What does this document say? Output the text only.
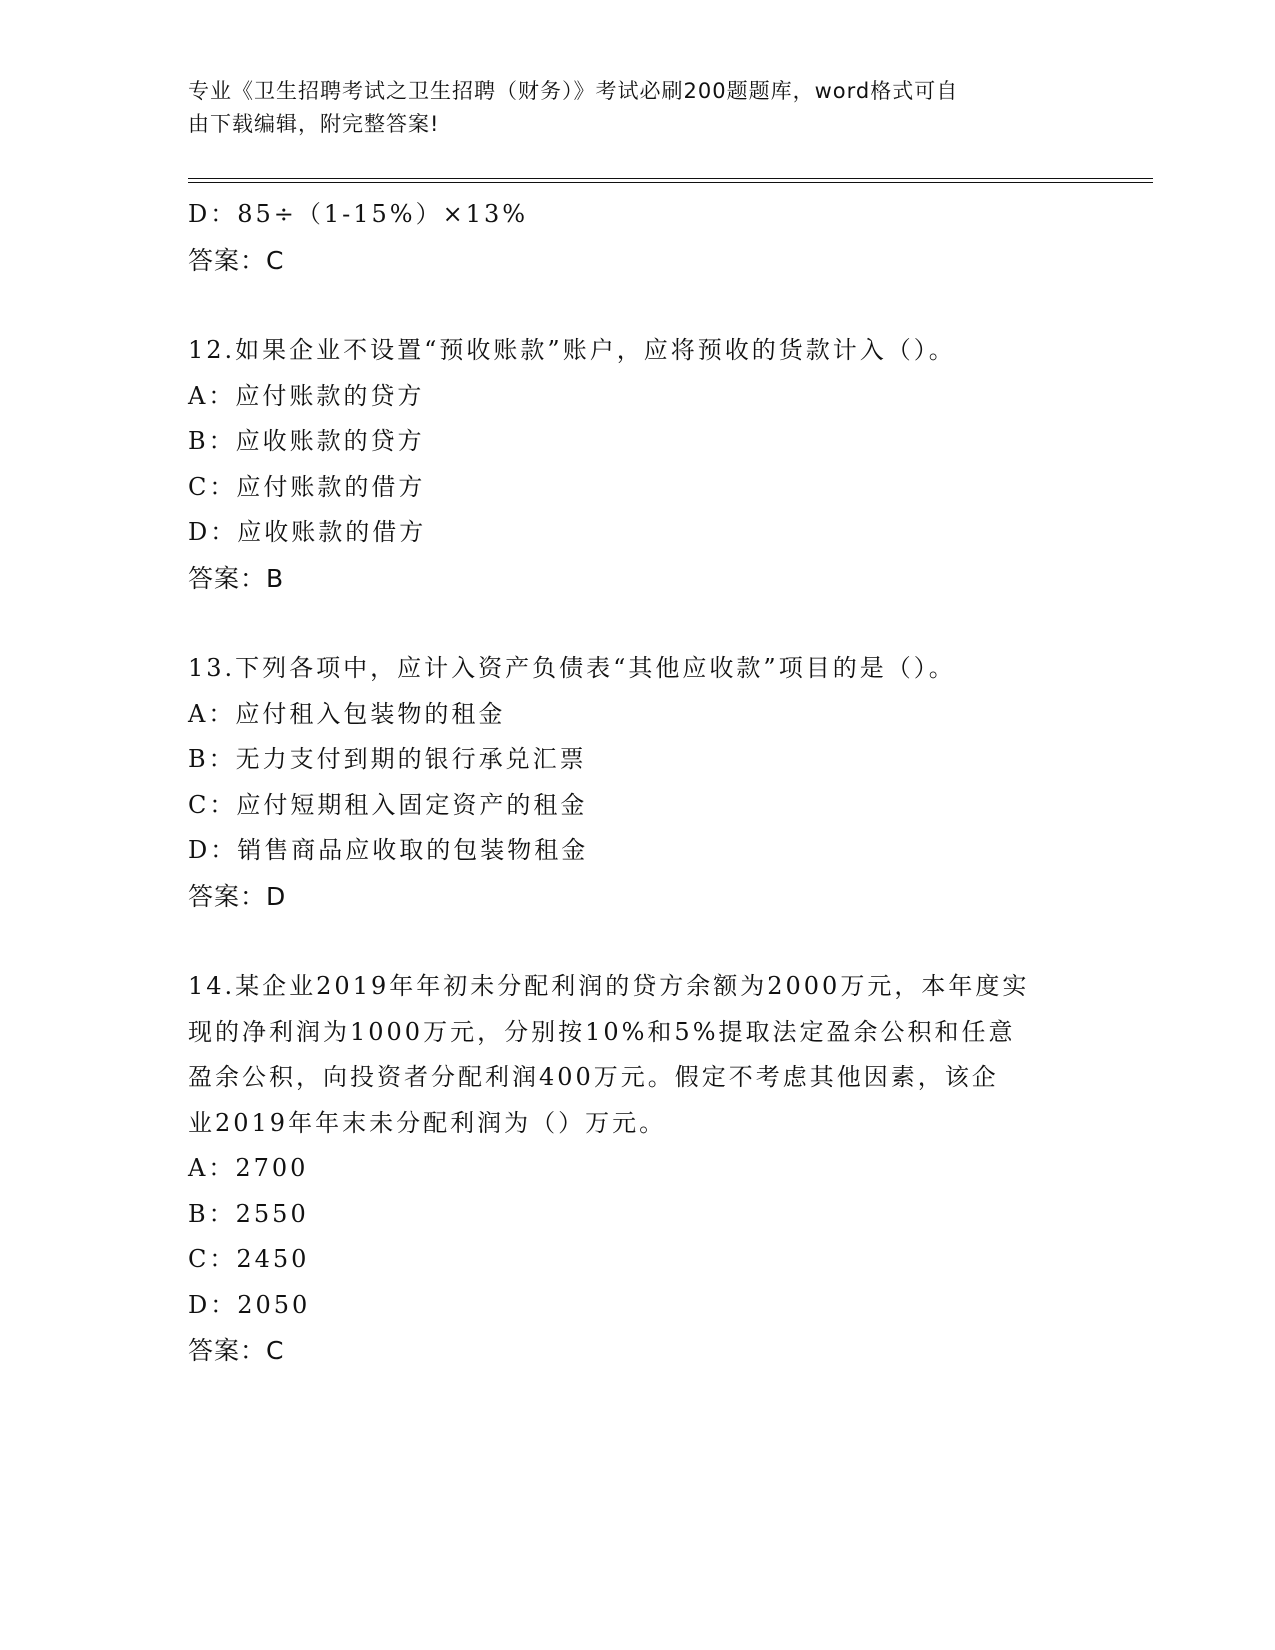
专业《卫生招聘考试之卫生招聘（财务）》考试必刷200题题库，word格式可自
由下载编辑，附完整答案!
D：85÷（1-15%）×13%
答案：C
12.如果企业不设置“预收账款”账户，应将预收的货款计入（）。
A：应付账款的贷方
B：应收账款的贷方
C：应付账款的借方
D：应收账款的借方
答案：B
13.下列各项中，应计入资产负债表“其他应收款”项目的是（）。
A：应付租入包装物的租金
B：无力支付到期的银行承兑汇票
C：应付短期租入固定资产的租金
D：销售商品应收取的包装物租金
答案：D
14.某企业2019年年初未分配利润的贷方余额为2000万元，本年度实
现的净利润为1000万元，分别按10%和5%提取法定盈余公积和任意
盈余公积，向投资者分配利润400万元。假定不考虑其他因素，该企
业2019年年末未分配利润为（）万元。
A：2700
B：2550
C：2450
D：2050
答案：C
